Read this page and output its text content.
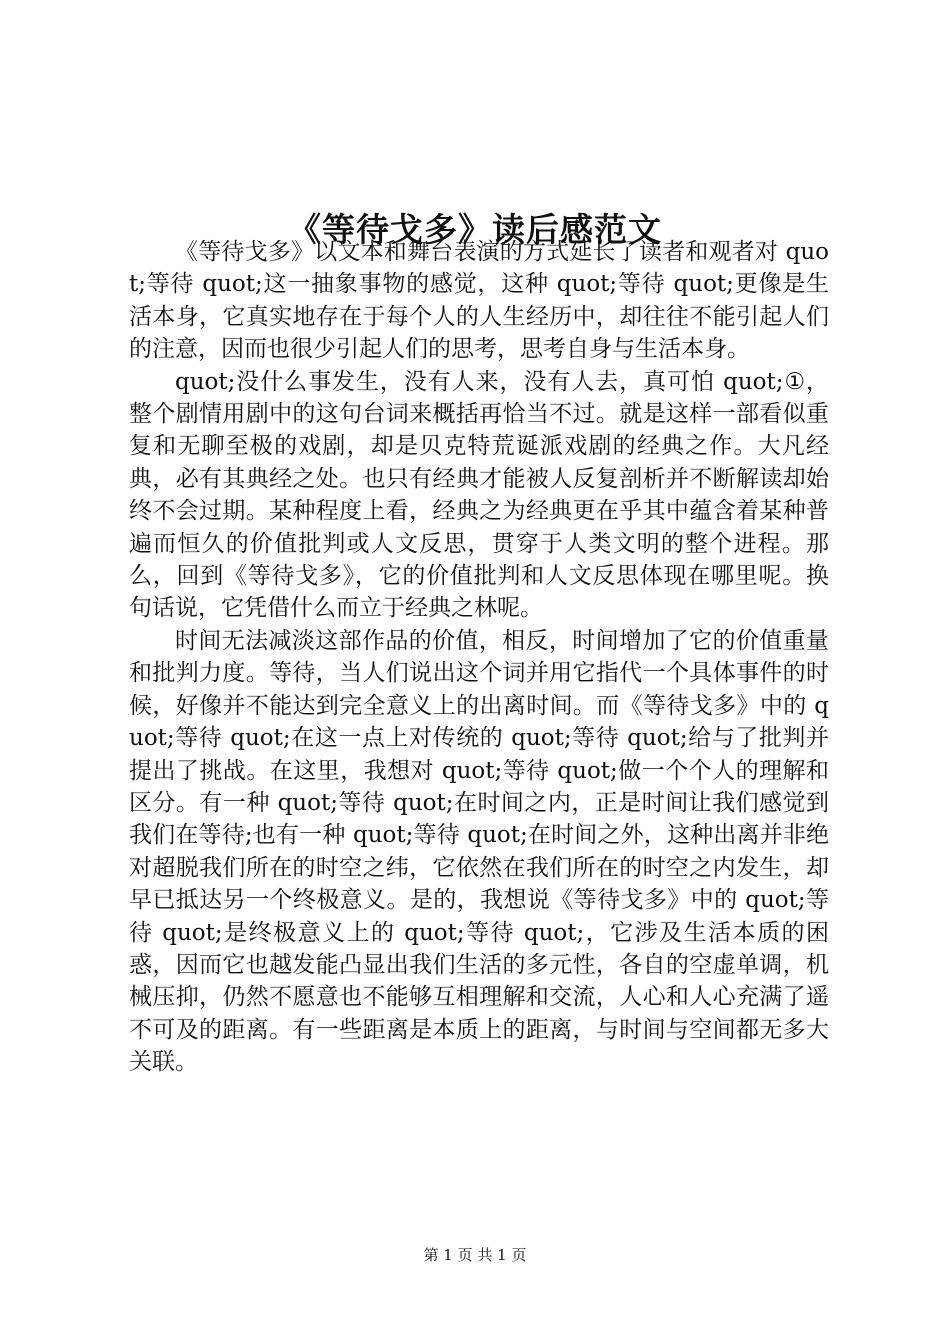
《等待戈多》读后感范文

《等待戈多》以文本和舞台表演的方式延长了读者和观者对 quot;等待 quot;这一抽象事物的感觉，这种 quot;等待 quot;更像是生活本身，它真实地存在于每个人的人生经历中，却往往不能引起人们的注意，因而也很少引起人们的思考，思考自身与生活本身。

quot;没什么事发生，没有人来，没有人去，真可怕 quot;①，整个剧情用剧中的这句台词来概括再恰当不过。就是这样一部看似重复和无聊至极的戏剧，却是贝克特荒诞派戏剧的经典之作。大凡经典，必有其典经之处。也只有经典才能被人反复剖析并不断解读却始终不会过期。某种程度上看，经典之为经典更在乎其中蕴含着某种普遍而恒久的价值批判或人文反思，贯穿于人类文明的整个进程。那么，回到《等待戈多》，它的价值批判和人文反思体现在哪里呢。换句话说，它凭借什么而立于经典之林呢。

时间无法减淡这部作品的价值，相反，时间增加了它的价值重量和批判力度。等待，当人们说出这个词并用它指代一个具体事件的时候，好像并不能达到完全意义上的出离时间。而《等待戈多》中的 quot;等待 quot;在这一点上对传统的 quot;等待 quot;给与了批判并提出了挑战。在这里，我想对 quot;等待 quot;做一个个人的理解和区分。有一种 quot;等待 quot;在时间之内，正是时间让我们感觉到我们在等待;也有一种 quot;等待 quot;在时间之外，这种出离并非绝对超脱我们所在的时空之纬，它依然在我们所在的时空之内发生，却早已抵达另一个终极意义。是的，我想说《等待戈多》中的 quot;等待 quot;是终极意义上的 quot;等待 quot;，它涉及生活本质的困惑，因而它也越发能凸显出我们生活的多元性，各自的空虚单调，机械压抑，仍然不愿意也不能够互相理解和交流，人心和人心充满了遥不可及的距离。有一些距离是本质上的距离，与时间与空间都无多大关联。

第 1 页 共 1 页
